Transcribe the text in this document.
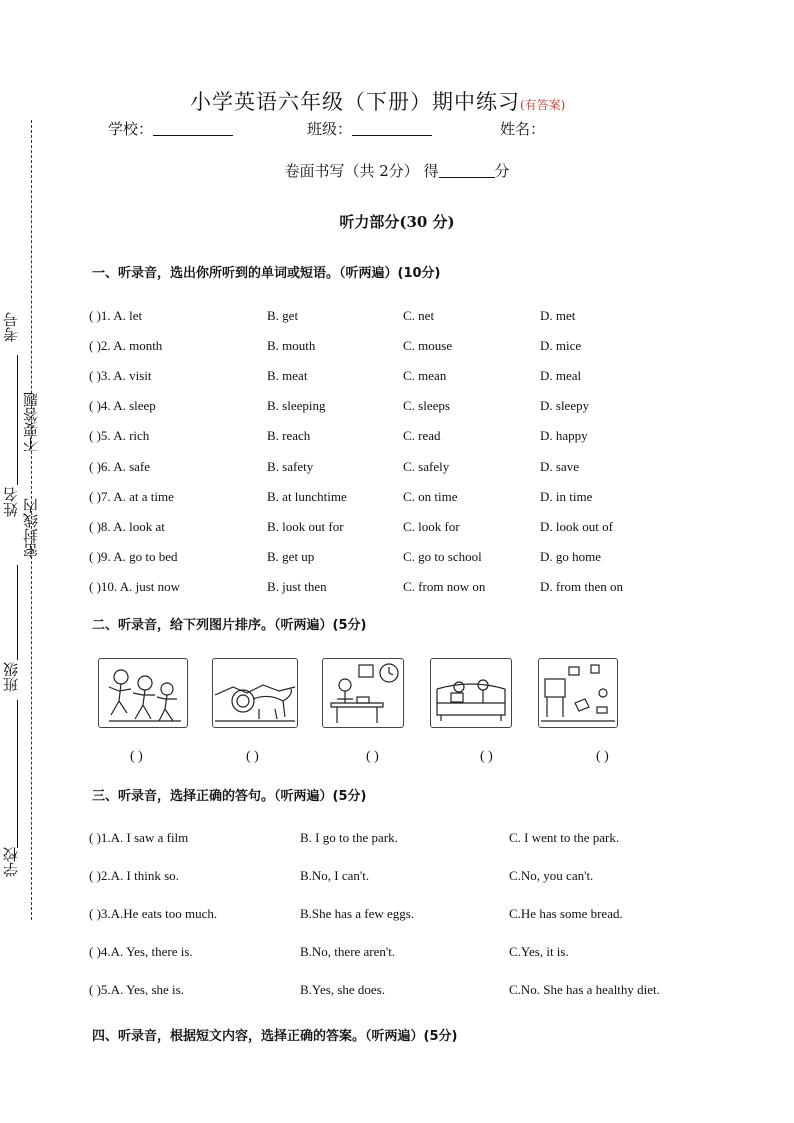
考号
不要答题
姓名 密封线内
班级
学校
小学英语六年级（下册）期中练习(有答案)
学校：	班级：	姓名：
卷面书写（共 2分） 得	分
听力部分(30 分)
一、听录音，选出你所听到的单词或短语。（听两遍）(10分)
( )1. A. let	B. get	C. net	D. met
( )2. A. month	B. mouth	C. mouse	D. mice
( )3. A. visit	B. meat	C. mean	D. meal
( )4. A. sleep	B. sleeping	C. sleeps	D. sleepy
( )5. A. rich	B. reach	C. read	D. happy
( )6. A. safe	B. safety	C. safely	D. save
( )7. A. at a time	B. at lunchtime	C. on time	D. in time
( )8. A. look at	B. look out for	C. look for	D. look out of
( )9. A. go to bed	B. get up	C. go to school	D. go home
( )10. A. just now	B. just then	C. from now on	D. from then on
二、听录音，给下列图片排序。（听两遍）(5分)
( )	( )	( )	( )	( )
三、听录音，选择正确的答句。（听两遍）(5分)
( )1.A. I saw a film	B. I go to the park.	C. I went to the park.
( )2.A. I think so.	B.No, I can't.	C.No, you can't.
( )3.A.He eats too much.	B.She has a few eggs.	C.He has some bread.
( )4.A. Yes, there is.	B.No, there aren't.	C.Yes, it is.
( )5.A. Yes, she is.	B.Yes, she does.	C.No. She has a healthy diet.
四、听录音，根据短文内容，选择正确的答案。（听两遍）(5分)
